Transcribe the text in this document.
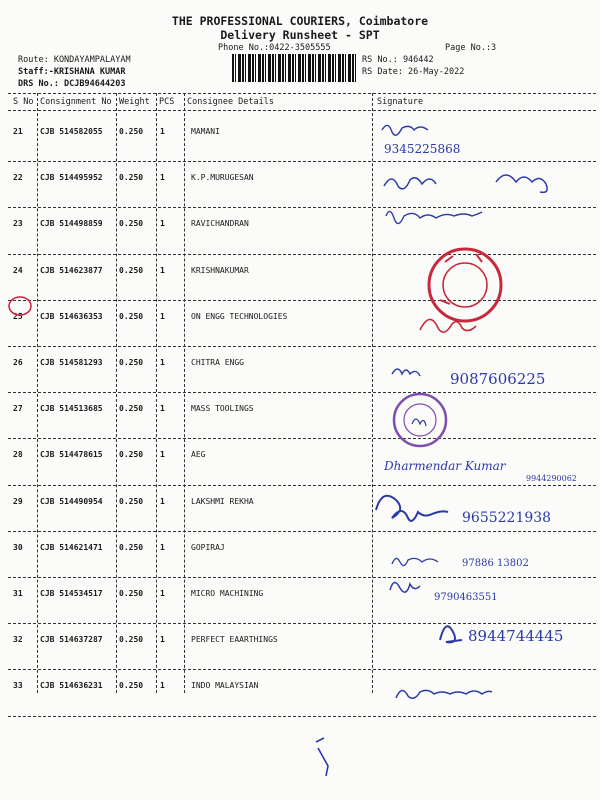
THE PROFESSIONAL COURIERS, Coimbatore
Delivery Runsheet - SPT
Phone No.:0422-3505555	Page No.:3
Route: KONDAYAMPALAYAM
Staff:-KRISHANA KUMAR
DRS No.: DCJB94644203
RS No.: 946442
RS Date: 26-May-2022
S No Consignment No Weight PCS Consignee Details	Signature
21 CJB 514582055 0.250 1	MAMANI
22 CJB 514495952 0.250 1	K.P.MURUGESAN
23 CJB 514498859 0.250 1	RAVICHANDRAN
24 CJB 514623877 0.250 1	KRISHNAKUMAR
25 CJB 514636353 0.250 1	ON ENGG TECHNOLOGIES
26 CJB 514581293 0.250 1	CHITRA ENGG
27 CJB 514513685 0.250 1	MASS TOOLINGS
28 CJB 514478615 0.250 1	AEG
29 CJB 514490954 0.250 1	LAKSHMI REKHA
30 CJB 514621471 0.250 1	GOPIRAJ
31 CJB 514534517 0.250 1	MICRO MACHINING
32 CJB 514637287 0.250 1	PERFECT EAARTHINGS
33 CJB 514636231 0.250 1	INDO MALAYSIAN
9345225868
9087606225
Dharmendar Kumar
9944290062
9655221938
97886 13802
9790463551
8944744445
